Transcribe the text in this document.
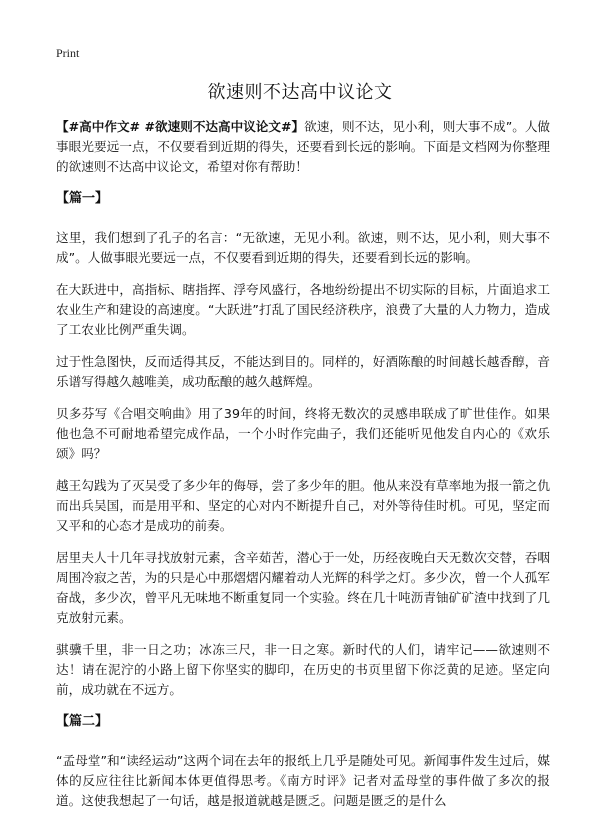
Print
欲速则不达高中议论文

【#高中作文# #欲速则不达高中议论文#】欲速，则不达，见小利，则大事不成”。人做事眼光要远一点，不仅要看到近期的得失，还要看到长远的影响。下面是文档网为你整理的欲速则不达高中议论文，希望对你有帮助！

【篇一】

这里，我们想到了孔子的名言：“无欲速，无见小利。欲速，则不达，见小利，则大事不成”。人做事眼光要远一点，不仅要看到近期的得失，还要看到长远的影响。

在大跃进中，高指标、瞎指挥、浮夸风盛行，各地纷纷提出不切实际的目标，片面追求工农业生产和建设的高速度。“大跃进”打乱了国民经济秩序，浪费了大量的人力物力，造成了工农业比例严重失调。

过于性急图快，反而适得其反，不能达到目的。同样的，好酒陈酿的时间越长越香醇，音乐谱写得越久越唯美，成功酝酿的越久越辉煌。

贝多芬写《合唱交响曲》用了39年的时间，终将无数次的灵感串联成了旷世佳作。如果他也急不可耐地希望完成作品，一个小时作完曲子，我们还能听见他发自内心的《欢乐颂》吗？

越王勾践为了灭吴受了多少年的侮辱，尝了多少年的胆。他从来没有草率地为报一箭之仇而出兵吴国，而是用平和、坚定的心对内不断提升自己，对外等待佳时机。可见，坚定而又平和的心态才是成功的前奏。

居里夫人十几年寻找放射元素，含辛茹苦，潜心于一处，历经夜晚白天无数次交替，吞咽周围冷寂之苦，为的只是心中那熠熠闪耀着动人光辉的科学之灯。多少次，曾一个人孤军奋战，多少次，曾平凡无味地不断重复同一个实验。终在几十吨沥青铀矿矿渣中找到了几克放射元素。

骐骥千里，非一日之功；冰冻三尺，非一日之寒。新时代的人们，请牢记——欲速则不达！请在泥泞的小路上留下你坚实的脚印，在历史的书页里留下你泛黄的足迹。坚定向前，成功就在不远方。

【篇二】

“孟母堂”和“读经运动”这两个词在去年的报纸上几乎是随处可见。新闻事件发生过后，媒体的反应往往比新闻本体更值得思考。《南方时评》记者对孟母堂的事件做了多次的报道。这使我想起了一句话，越是报道就越是匮乏。问题是匮乏的是什么
